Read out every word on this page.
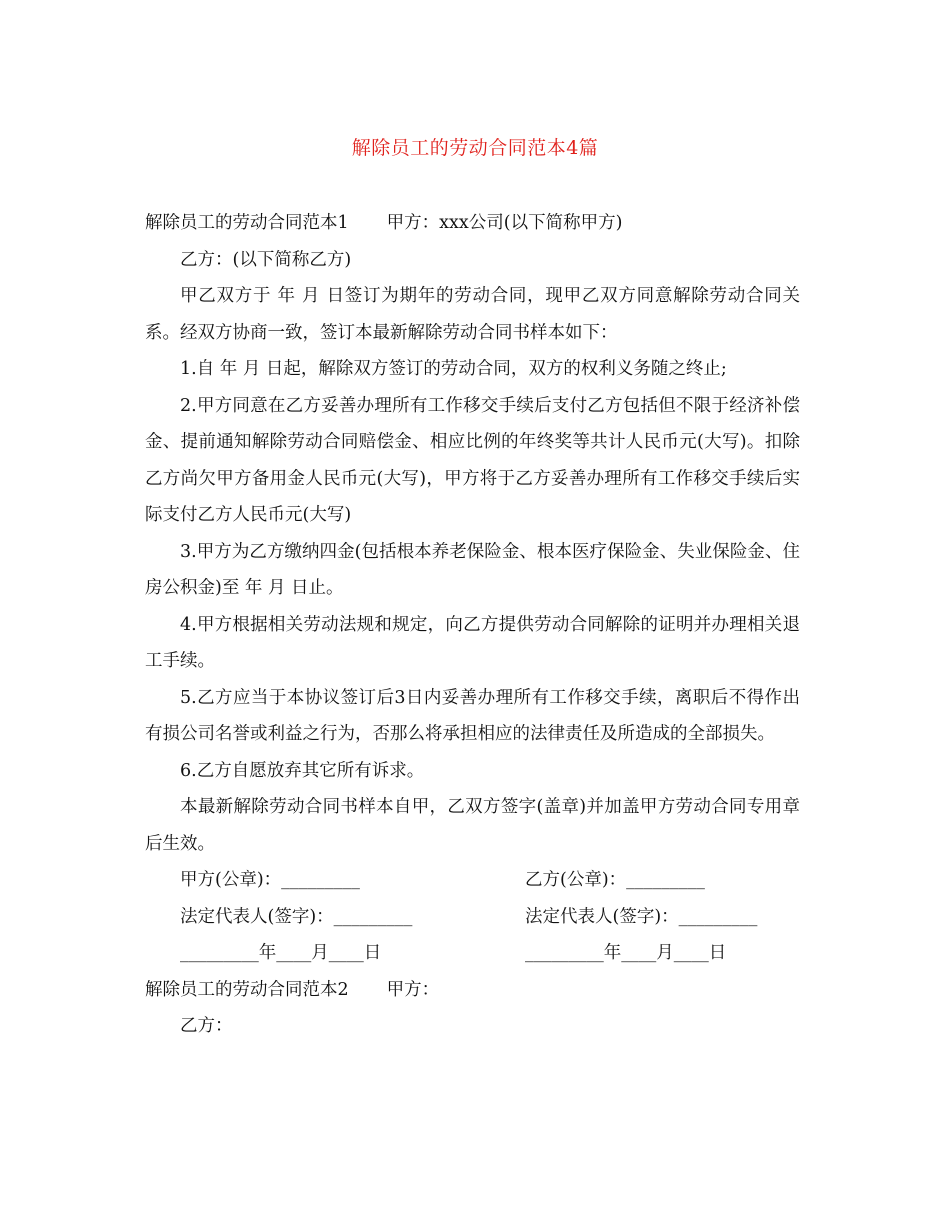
解除员工的劳动合同范本4篇

解除员工的劳动合同范本1 甲方：xxx公司(以下简称甲方)

乙方：(以下简称乙方)

甲乙双方于 年 月 日签订为期年的劳动合同，现甲乙双方同意解除劳动合同关系。经双方协商一致，签订本最新解除劳动合同书样本如下：

1.自 年 月 日起，解除双方签订的劳动合同，双方的权利义务随之终止;

2.甲方同意在乙方妥善办理所有工作移交手续后支付乙方包括但不限于经济补偿金、提前通知解除劳动合同赔偿金、相应比例的年终奖等共计人民币元(大写)。扣除乙方尚欠甲方备用金人民币元(大写)，甲方将于乙方妥善办理所有工作移交手续后实际支付乙方人民币元(大写)

3.甲方为乙方缴纳四金(包括根本养老保险金、根本医疗保险金、失业保险金、住房公积金)至 年 月 日止。

4.甲方根据相关劳动法规和规定，向乙方提供劳动合同解除的证明并办理相关退工手续。

5.乙方应当于本协议签订后3日内妥善办理所有工作移交手续，离职后不得作出有损公司名誉或利益之行为，否那么将承担相应的法律责任及所造成的全部损失。

6.乙方自愿放弃其它所有诉求。

本最新解除劳动合同书样本自甲，乙双方签字(盖章)并加盖甲方劳动合同专用章后生效。

甲方(公章)：_________	乙方(公章)：_________
法定代表人(签字)：_________	法定代表人(签字)：_________
_________年____月____日	_________年____月____日

解除员工的劳动合同范本2 甲方：

乙方：
